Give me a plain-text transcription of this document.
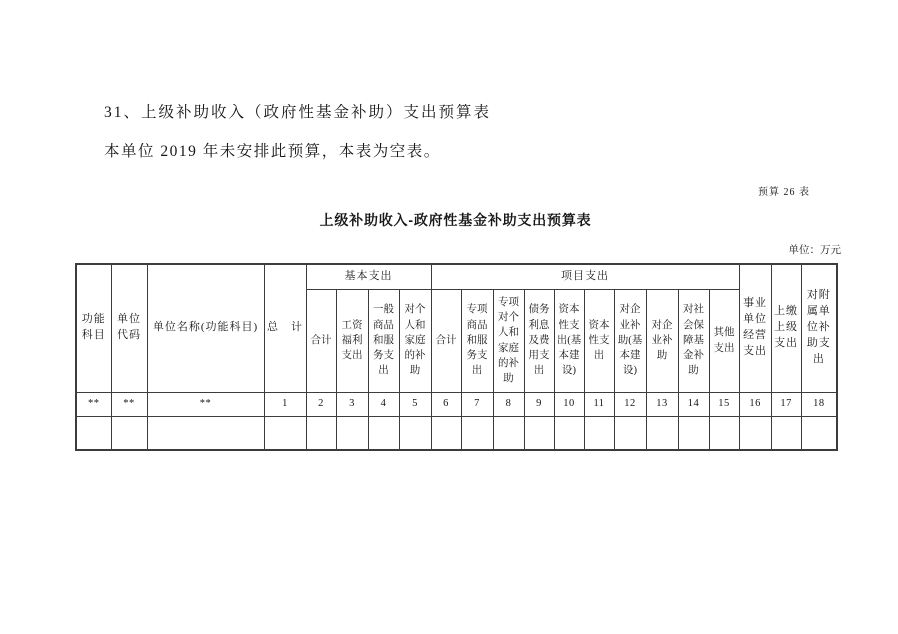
31、上级补助收入（政府性基金补助）支出预算表
本单位 2019 年未安排此预算，本表为空表。
预算 26 表
上级补助收入-政府性基金补助支出预算表
单位：万元
功能科目	单位代码	单位名称(功能科目)	总　计	基本支出				项目支出										事业单位经营支出	上缴上级支出	对附属单位补助支出
				合计	工资福利支出	一般商品和服务支出	对个人和家庭的补助	合计	专项商品和服务支出	专项对个人和家庭的补助	债务利息及费用支出	资本性支出(基本建设)	资本性支出	对企业补助(基本建设)	对企业补助	对社会保障基金补助	其他支出			
**	**	**	1	2	3	4	5	6	7	8	9	10	11	12	13	14	15	16	17	18
